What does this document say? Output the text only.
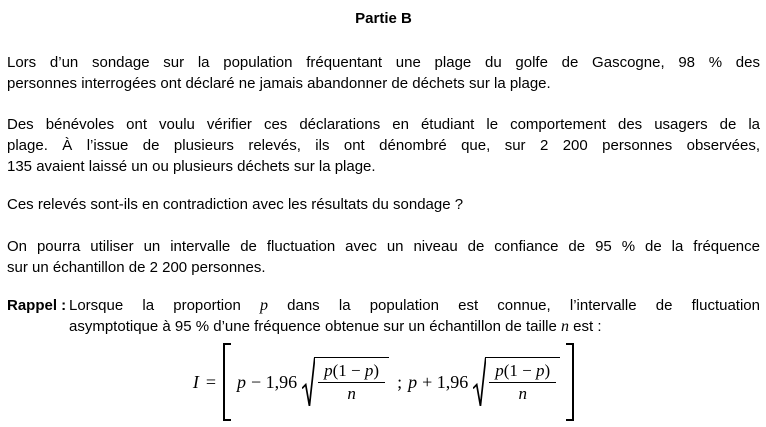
Partie B

Lors d’un sondage sur la population fréquentant une plage du golfe de Gascogne, 98 % des
personnes interrogées ont déclaré ne jamais abandonner de déchets sur la plage.

Des bénévoles ont voulu vérifier ces déclarations en étudiant le comportement des usagers de la
plage. À l’issue de plusieurs relevés, ils ont dénombré que, sur 2 200 personnes observées,
135 avaient laissé un ou plusieurs déchets sur la plage.

Ces relevés sont-ils en contradiction avec les résultats du sondage ?

On pourra utiliser un intervalle de fluctuation avec un niveau de confiance de 95 % de la fréquence
sur un échantillon de 2 200 personnes.

Rappel : Lorsque la proportion p dans la population est connue, l’intervalle de fluctuation
asymptotique à 95 % d’une fréquence obtenue sur un échantillon de taille n est :
I = p − 1,96
p(1 − p)
n
; p + 1,96
p(1 − p)
n
